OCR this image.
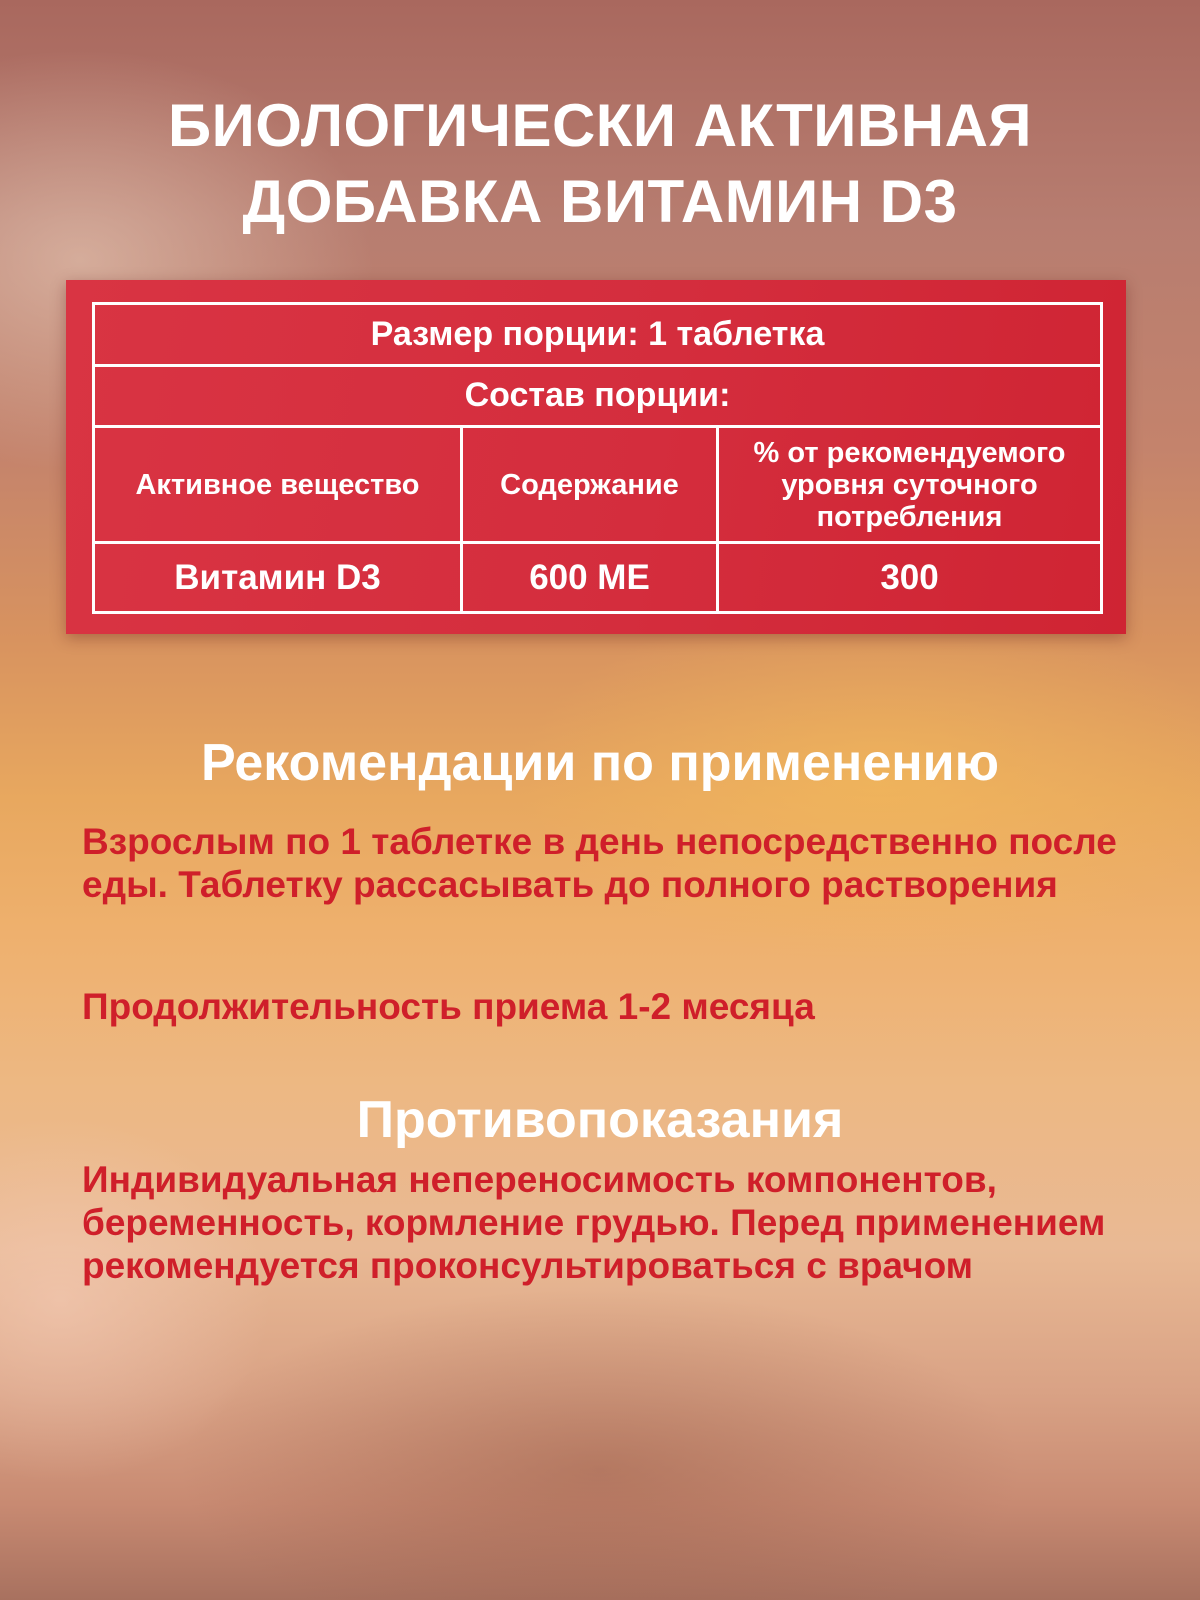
БИОЛОГИЧЕСКИ АКТИВНАЯ
ДОБАВКА ВИТАМИН D3
Размер порции: 1 таблетка		
Состав порции:		
Активное вещество	Содержание	% от рекомендуемого уровня суточного потребления
Витамин D3	600 МЕ	300
Рекомендации по применению

Взрослым по 1 таблетке в день непосредственно после еды. Таблетку рассасывать до полного растворения

Продолжительность приема 1-2 месяца

Противопоказания

Индивидуальная непереносимость компонентов, беременность, кормление грудью. Перед применением рекомендуется проконсультироваться с врачом
